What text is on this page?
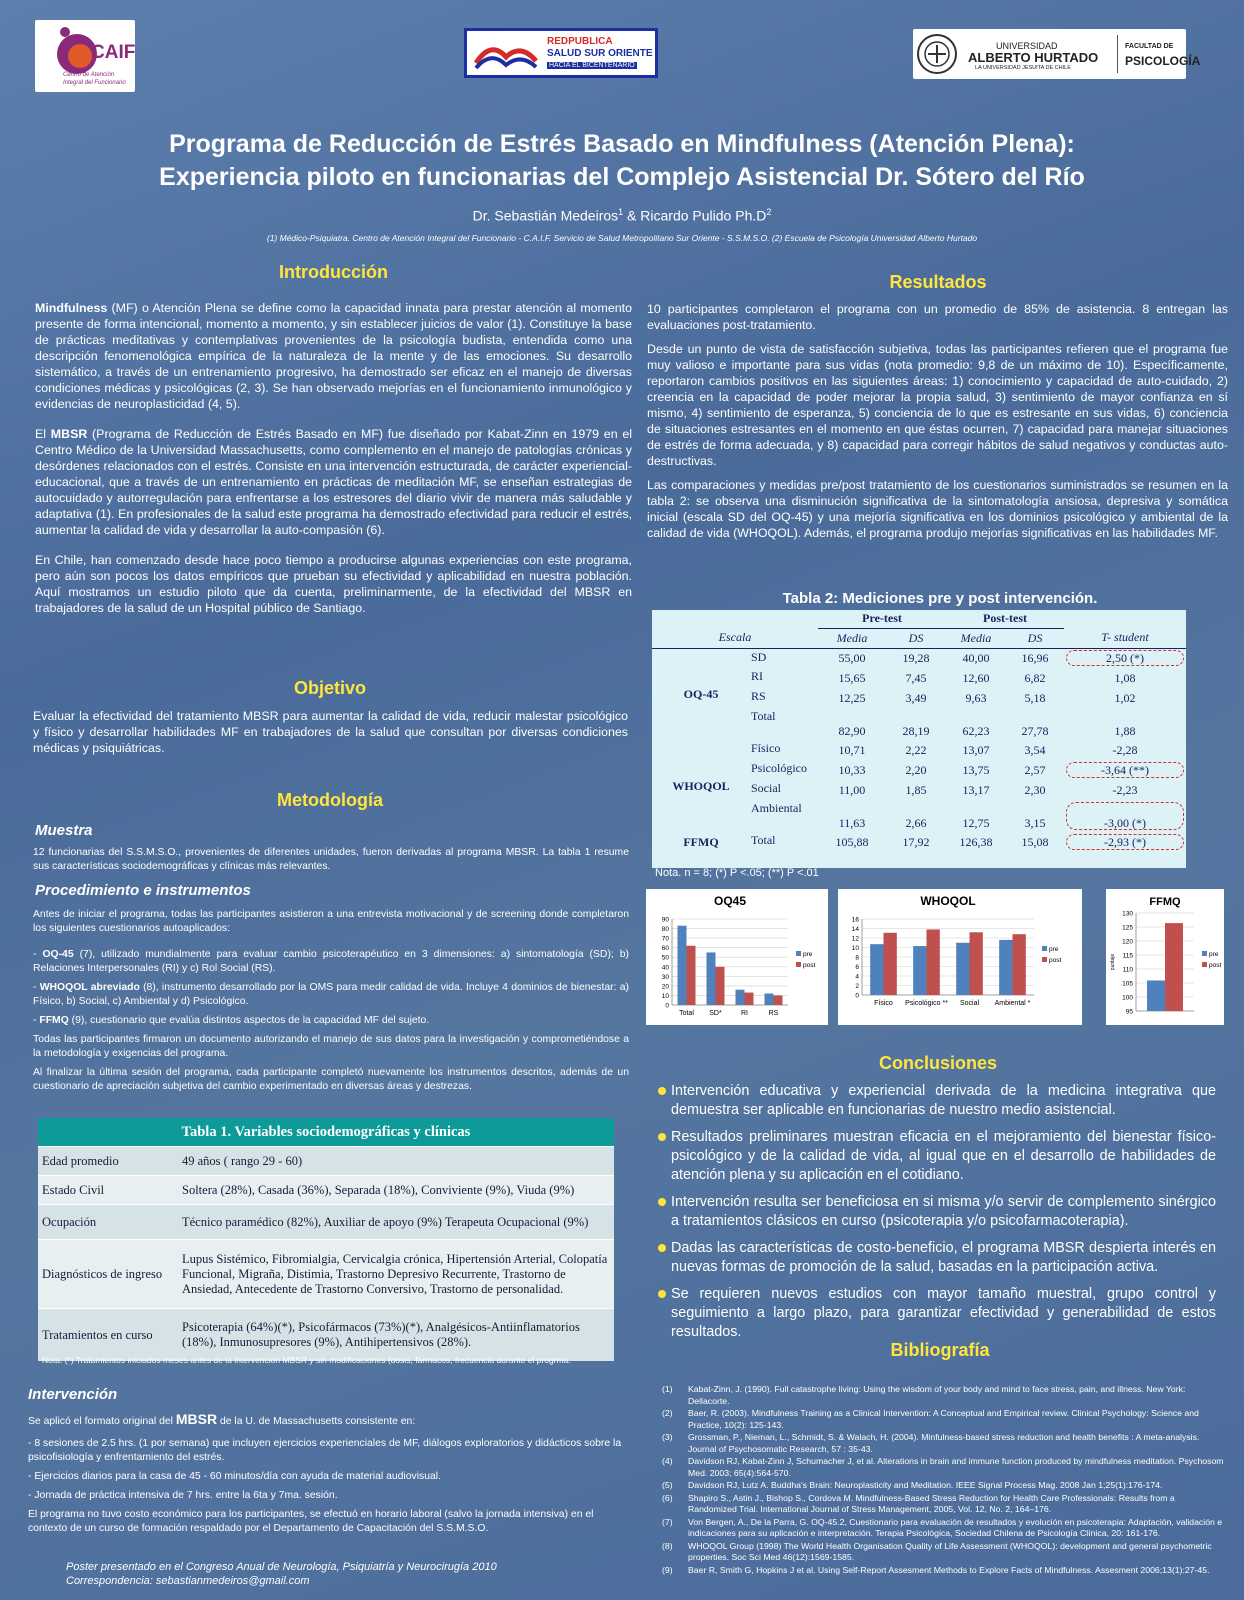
CAIF
Centro de Atención
Integral del Funcionario
REDPUBLICA
SALUD SUR ORIENTE
HACIA EL BICENTENARIO
UNIVERSIDAD
ALBERTO HURTADO
LA UNIVERSIDAD JESUITA DE CHILE
FACULTAD DE
PSICOLOGÍA
Programa de Reducción de Estrés Basado en Mindfulness (Atención Plena):
Experiencia piloto en funcionarias del Complejo Asistencial Dr. Sótero del Río
Dr. Sebastián Medeiros$^1$ & Ricardo Pulido $Ph.D^2$
(1) Médico-Psiquiatra. Centro de Atención Integral del Funcionario - C.A.I.F. Servicio de Salud Metropolitano Sur Oriente - S.S.M.S.O. (2) Escuela de Psicología Universidad Alberto Hurtado
Introducción

Mindfulness (MF) o Atención Plena se define como la capacidad innata para prestar atención al momento presente de forma intencional, momento a momento, y sin establecer juicios de valor (1). Constituye la base de prácticas meditativas y contemplativas provenientes de la psicología budista, entendida como una descripción fenomenológica empírica de la naturaleza de la mente y de las emociones. Su desarrollo sistemático, a través de un entrenamiento progresivo, ha demostrado ser eficaz en el manejo de diversas condiciones médicas y psicológicas (2, 3). Se han observado mejorías en el funcionamiento inmunológico y evidencias de neuroplasticidad (4, 5).

El MBSR (Programa de Reducción de Estrés Basado en MF) fue diseñado por Kabat-Zinn en 1979 en el Centro Médico de la Universidad Massachusetts, como complemento en el manejo de patologías crónicas y desórdenes relacionados con el estrés. Consiste en una intervención estructurada, de carácter experiencial-educacional, que a través de un entrenamiento en prácticas de meditación MF, se enseñan estrategias de autocuidado y autorregulación para enfrentarse a los estresores del diario vivir de manera más saludable y adaptativa (1). En profesionales de la salud este programa ha demostrado efectividad para reducir el estrés, aumentar la calidad de vida y desarrollar la auto-compasión (6).

En Chile, han comenzado desde hace poco tiempo a producirse algunas experiencias con este programa, pero aún son pocos los datos empíricos que prueban su efectividad y aplicabilidad en nuestra población. Aquí mostramos un estudio piloto que da cuenta, preliminarmente, de la efectividad del MBSR en trabajadores de la salud de un Hospital público de Santiago.

Objetivo
Evaluar la efectividad del tratamiento MBSR para aumentar la calidad de vida, reducir malestar psicológico y físico y desarrollar habilidades MF en trabajadores de la salud que consultan por diversas condiciones médicas y psiquiátricas.
Metodología
Muestra
12 funcionarias del S.S.M.S.O., provenientes de diferentes unidades, fueron derivadas al programa MBSR. La tabla 1 resume sus características sociodemográficas y clínicas más relevantes.
Procedimiento e instrumentos

Antes de iniciar el programa, todas las participantes asistieron a una entrevista motivacional y de screening donde completaron los siguientes cuestionarios autoaplicados:

- OQ-45 (7), utilizado mundialmente para evaluar cambio psicoterapéutico en 3 dimensiones: a) sintomatología (SD); b) Relaciones Interpersonales (RI) y c) Rol Social (RS).

- WHOQOL abreviado (8), instrumento desarrollado por la OMS para medir calidad de vida. Incluye 4 dominios de bienestar: a) Físico, b) Social, c) Ambiental y d) Psicológico.

- FFMQ (9), cuestionario que evalúa distintos aspectos de la capacidad MF del sujeto.

Todas las participantes firmaron un documento autorizando el manejo de sus datos para la investigación y comprometiéndose a la metodología y exigencias del programa.

Al finalizar la última sesión del programa, cada participante completó nuevamente los instrumentos descritos, además de un cuestionario de apreciación subjetiva del cambio experimentado en diversas áreas y destrezas.

Tabla 1. Variables sociodemográficas y clínicas
Edad promedio	49 años ( rango 29 - 60)
Estado Civil	Soltera (28%), Casada (36%), Separada (18%), Conviviente (9%), Viuda (9%)
Ocupación	Técnico paramédico (82%), Auxiliar de apoyo (9%) Terapeuta Ocupacional (9%)
Diagnósticos de ingreso
Lupus Sistémico, Fibromialgia, Cervicalgia crónica, Hipertensión Arterial, Colopatía Funcional, Migraña, Distimia, Trastorno Depresivo Recurrente, Trastorno de Ansiedad, Antecedente de Trastorno Conversivo, Trastorno de personalidad.
Tratamientos en curso
Psicoterapia (64%)(*), Psicofármacos (73%)(*), Analgésicos-Antiinflamatorios (18%), Inmunosupresores (9%), Antihipertensivos (28%).
Nota. (*) Tratamientos iniciados meses antes de la intervención MBSR y sin modificaciones (dosis, fármacos, frecuencia durante el progrma.
Intervención

Se aplicó el formato original del MBSR de la U. de Massachusetts consistente en:

- 8 sesiones de 2.5 hrs. (1 por semana) que incluyen ejercicios experienciales de MF, diálogos exploratorios y didácticos sobre la psicofisiología y enfrentamiento del estrés.

- Ejercicios diarios para la casa de 45 - 60 minutos/día con ayuda de material audiovisual.

- Jornada de práctica intensiva de 7 hrs. entre la 6ta y 7ma. sesión.

El programa no tuvo costo económico para los participantes, se efectuó en horario laboral (salvo la jornada intensiva) en el contexto de un curso de formación respaldado por el Departamento de Capacitación del S.S.M.S.O.

Poster presentado en el Congreso Anual de Neurología, Psiquiatría y Neurocirugía 2010
Correspondencia: sebastianmedeiros@gmail.com
Resultados

10 participantes completaron el programa con un promedio de 85% de asistencia. 8 entregan las evaluaciones post-tratamiento.

Desde un punto de vista de satisfacción subjetiva, todas las participantes refieren que el programa fue muy valioso e importante para sus vidas (nota promedio: 9,8 de un máximo de 10). Específicamente, reportaron cambios positivos en las siguientes áreas: 1) conocimiento y capacidad de auto-cuidado, 2) creencia en la capacidad de poder mejorar la propia salud, 3) sentimiento de mayor confianza en sí mismo, 4) sentimiento de esperanza, 5) conciencia de lo que es estresante en sus vidas, 6) conciencia de situaciones estresantes en el momento en que éstas ocurren, 7) capacidad para manejar situaciones de estrés de forma adecuada, y 8) capacidad para corregir hábitos de salud negativos y conductas auto-destructivas.

Las comparaciones y medidas pre/post tratamiento de los cuestionarios suministrados se resumen en la tabla 2: se observa una disminución significativa de la sintomatología ansiosa, depresiva y somática inicial (escala SD del OQ-45) y una mejoría significativa en los dominios psicológico y ambiental de la calidad de vida (WHOQOL). Además, el programa produjo mejorías significativas en las habilidades MF.

Tabla 2: Mediciones pre y post intervención.
		Pre-test		Post-test		
Escala		Media	DS	Media	DS	T- student
OQ-45	SD	55,00	19,28	40,00	16,96	2,50 (*)
	RI	15,65	7,45	12,60	6,82	1,08
	RS	12,25	3,49	9,63	5,18	1,02
	Total	82,90	28,19	62,23	27,78	1,88
WHOQOL	Físico	10,71	2,22	13,07	3,54	-2,28
	Psicológico	10,33	2,20	13,75	2,57	-3,64 (**)
	Social	11,00	1,85	13,17	2,30	-2,23
	Ambiental	11,63	2,66	12,75	3,15	-3,00 (*)
FFMQ	Total	105,88	17,92	126,38	15,08	-2,93 (*)
Nota. n = 8; (*) P <.05; (**) P <.01
OQ45
0
10
20
30
40
50
60
70
80
90
Total SD*	RI	RS
pre
post
WHOQOL
0
2
4
6
8
10
12
14
16
Físico Psicológico ** Social Ambiental *
pre
post
FFMQ
95
100
105
110
115
120
125
130
puntaje	pre
post
Conclusiones
Intervención educativa y experiencial derivada de la medicina integrativa que demuestra ser aplicable en funcionarias de nuestro medio asistencial.
Resultados preliminares muestran eficacia en el mejoramiento del bienestar físico-psicológico y de la calidad de vida, al igual que en el desarrollo de habilidades de atención plena y su aplicación en el cotidiano.
Intervención resulta ser beneficiosa en si misma y/o servir de complemento sinérgico a tratamientos clásicos en curso (psicoterapia y/o psicofarmacoterapia).
Dadas las características de costo-beneficio, el programa MBSR despierta interés en nuevas formas de promoción de la salud, basadas en la participación activa.
Se requieren nuevos estudios con mayor tamaño muestral, grupo control y seguimiento a largo plazo, para garantizar efectividad y generabilidad de estos resultados.
Bibliografía
(1)	Kabat-Zinn, J. (1990). Full catastrophe living: Using the wisdom of your body and mind to face stress, pain, and illness. New York: Dellacorte.
(2)	Baer, R. (2003). Mindfulness Training as a Clinical Intervention: A Conceptual and Empirical review. Clinical Psychology: Science and Practice, 10(2): 125-143.
(3)	Grossman, P., Nieman, L., Schmidt, S. & Walach, H. (2004). Minfulness-based stress reduction and health benefits : A meta-analysis. Journal of Psychosomatic Research, 57 : 35-43.
(4)	Davidson RJ, Kabat-Zinn J, Schumacher J, et al. Alterations in brain and immune function produced by mindfulness meditation. Psychosom Med. 2003; 65(4):564-570.
(5)	Davidson RJ, Lutz A. Buddha's Brain: Neuroplasticity and Meditation. IEEE Signal Process Mag. 2008 Jan 1;25(1):176-174.
(6)	Shapiro S., Astin J., Bishop S., Cordova M. Mindfulness-Based Stress Reduction for Health Care Professionals: Results from a Randomized Trial. International Journal of Stress Management, 2005, Vol. 12, No. 2, 164–176.
(7)	Von Bergen, A., De la Parra, G. OQ-45.2, Cuestionario para evaluación de resultados y evolución en psicoterapia: Adaptación, validación e indicaciones para su aplicación e interpretación. Terapia Psicológica, Sociedad Chilena de Psicología Clínica, 20: 161-176.
(8)	WHOQOL Group (1998) The World Health Organisation Quality of Life Assessment (WHOQOL): development and general psychometric properties. Soc Sci Med 46(12):1569-1585.
(9)	Baer R, Smith G, Hopkins J et al. Using Self-Report Assesment Methods to Explore Facts of Mindfulness. Assesment 2006;13(1):27-45.
